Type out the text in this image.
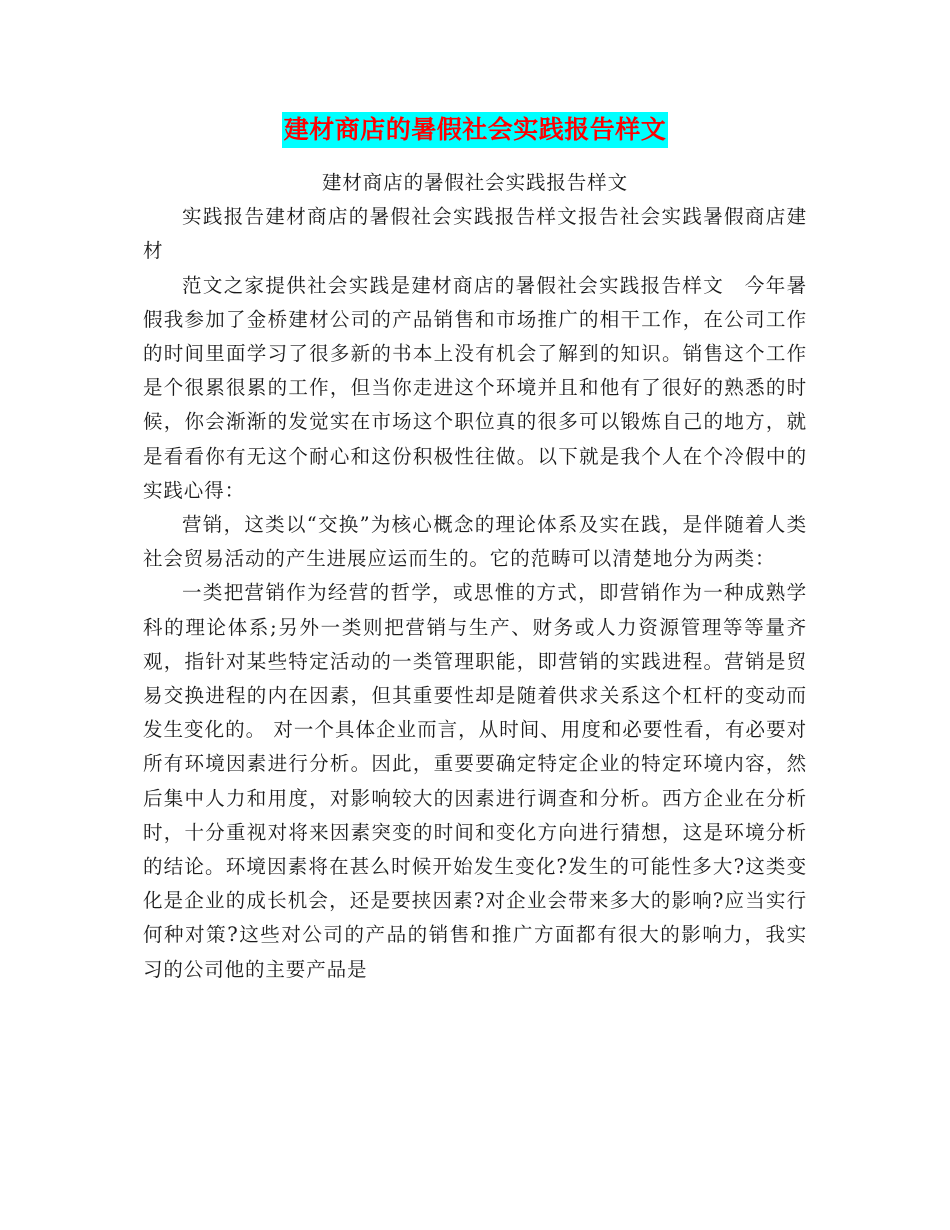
建材商店的暑假社会实践报告样文

建材商店的暑假社会实践报告样文

实践报告建材商店的暑假社会实践报告样文报告社会实践暑假商店建材

范文之家提供社会实践是建材商店的暑假社会实践报告样文　今年暑假我参加了金桥建材公司的产品销售和市场推广的相干工作，在公司工作的时间里面学习了很多新的书本上没有机会了解到的知识。销售这个工作是个很累很累的工作，但当你走进这个环境并且和他有了很好的熟悉的时候，你会渐渐的发觉实在市场这个职位真的很多可以锻炼自己的地方，就是看看你有无这个耐心和这份积极性往做。以下就是我个人在个冷假中的实践心得：

营销，这类以“交换”为核心概念的理论体系及实在践，是伴随着人类社会贸易活动的产生进展应运而生的。它的范畴可以清楚地分为两类：

一类把营销作为经营的哲学，或思惟的方式，即营销作为一种成熟学科的理论体系;另外一类则把营销与生产、财务或人力资源管理等等量齐观，指针对某些特定活动的一类管理职能，即营销的实践进程。营销是贸易交换进程的内在因素，但其重要性却是随着供求关系这个杠杆的变动而发生变化的。 对一个具体企业而言，从时间、用度和必要性看，有必要对所有环境因素进行分析。因此，重要要确定特定企业的特定环境内容，然后集中人力和用度，对影响较大的因素进行调查和分析。西方企业在分析时，十分重视对将来因素突变的时间和变化方向进行猜想，这是环境分析的结论。环境因素将在甚么时候开始发生变化?发生的可能性多大?这类变化是企业的成长机会，还是要挟因素?对企业会带来多大的影响?应当实行何种对策?这些对公司的产品的销售和推广方面都有很大的影响力，我实习的公司他的主要产品是
